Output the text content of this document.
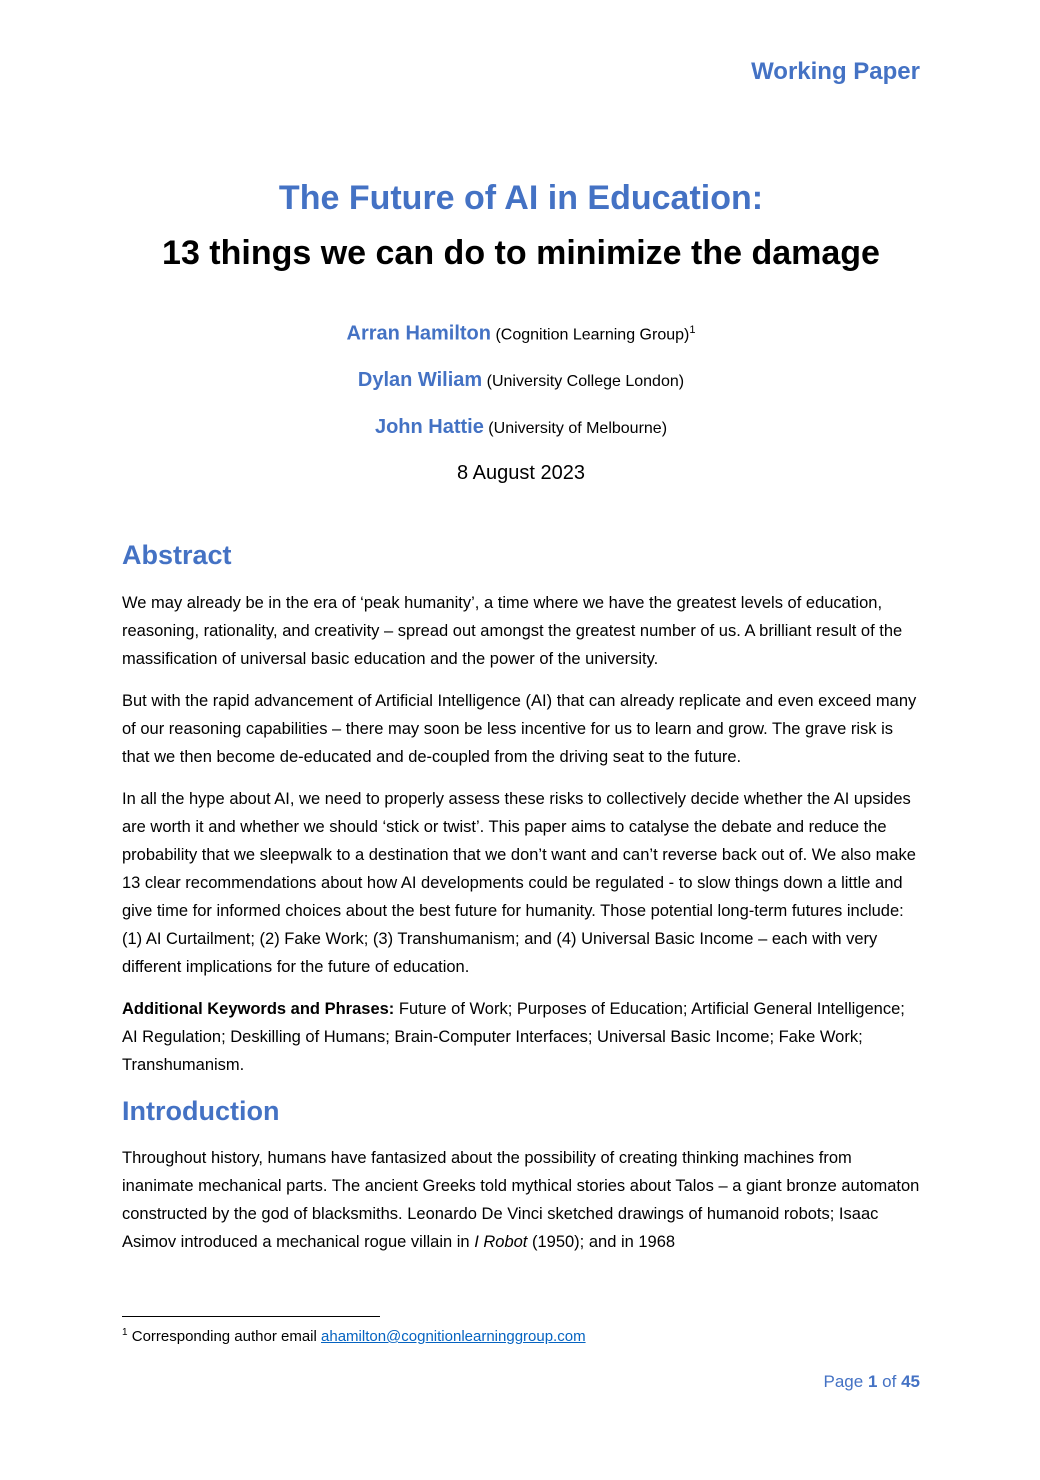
Working Paper
The Future of AI in Education:
13 things we can do to minimize the damage
Arran Hamilton (Cognition Learning Group)$^1$
Dylan Wiliam (University College London)
John Hattie (University of Melbourne)
8 August 2023
Abstract

We may already be in the era of ‘peak humanity’, a time where we have the greatest levels of education, reasoning, rationality, and creativity – spread out amongst the greatest number of us. A brilliant result of the massification of universal basic education and the power of the university.

But with the rapid advancement of Artificial Intelligence (AI) that can already replicate and even exceed many of our reasoning capabilities – there may soon be less incentive for us to learn and grow. The grave risk is that we then become de-educated and de-coupled from the driving seat to the future.

In all the hype about AI, we need to properly assess these risks to collectively decide whether the AI upsides are worth it and whether we should ‘stick or twist’. This paper aims to catalyse the debate and reduce the probability that we sleepwalk to a destination that we don’t want and can’t reverse back out of. We also make 13 clear recommendations about how AI developments could be regulated - to slow things down a little and give time for informed choices about the best future for humanity. Those potential long-term futures include: (1) AI Curtailment; (2) Fake Work; (3) Transhumanism; and (4) Universal Basic Income – each with very different implications for the future of education.

Additional Keywords and Phrases: Future of Work; Purposes of Education; Artificial General Intelligence; AI Regulation; Deskilling of Humans; Brain-Computer Interfaces; Universal Basic Income; Fake Work; Transhumanism.

Introduction

Throughout history, humans have fantasized about the possibility of creating thinking machines from inanimate mechanical parts. The ancient Greeks told mythical stories about Talos – a giant bronze automaton constructed by the god of blacksmiths. Leonardo De Vinci sketched drawings of humanoid robots; Isaac Asimov introduced a mechanical rogue villain in I Robot (1950); and in 1968

$^1$ Corresponding author email ahamilton@cognitionlearninggroup.com
Page 1 of 45
